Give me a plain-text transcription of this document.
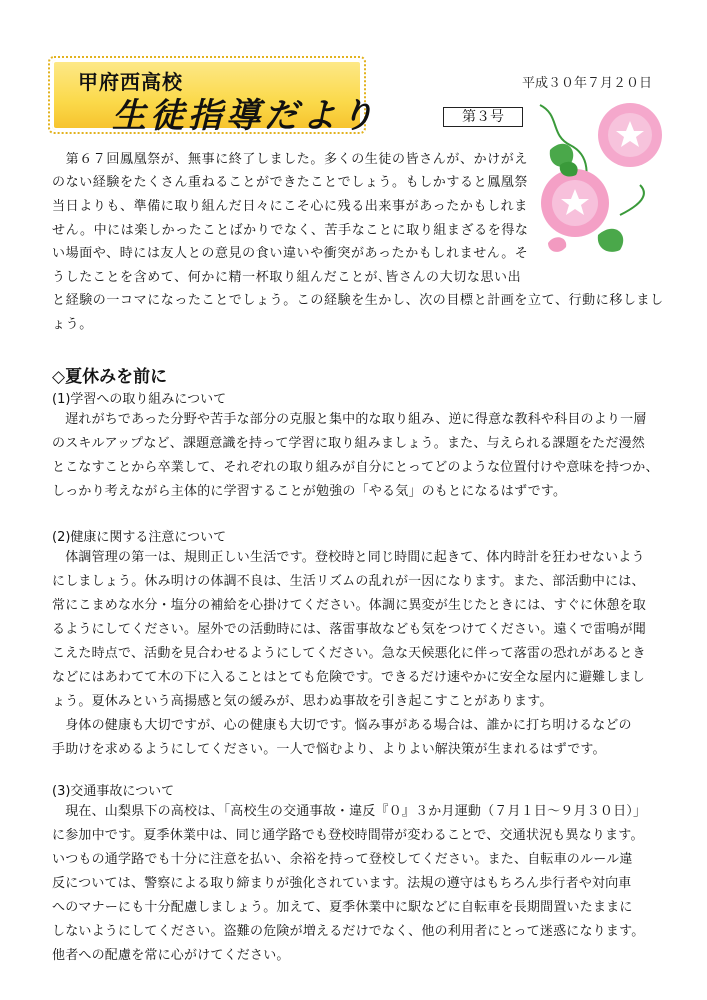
甲府西高校
生徒指導だより
平成３０年７月２０日
第３号
　第６７回鳳凰祭が、無事に終了しました。多くの生徒の皆さんが、かけがえ
のない経験をたくさん重ねることができたことでしょう。もしかすると鳳凰祭
当日よりも、準備に取り組んだ日々にこそ心に残る出来事があったかもしれま
せん。中には楽しかったことばかりでなく、苦手なことに取り組まざるを得な
い場面や、時には友人との意見の食い違いや衝突があったかもしれません。そ
うしたことを含めて、何かに精一杯取り組んだことが､皆さんの大切な思い出
と経験の一コマになったことでしょう。この経験を生かし、次の目標と計画を立て、行動に移しまし
ょう。
◇夏休みを前に
(1)学習への取り組みについて
　遅れがちであった分野や苦手な部分の克服と集中的な取り組み、逆に得意な教科や科目のより一層
のスキルアップなど、課題意識を持って学習に取り組みましょう。また、与えられる課題をただ漫然
とこなすことから卒業して、それぞれの取り組みが自分にとってどのような位置付けや意味を持つか、
しっかり考えながら主体的に学習することが勉強の「やる気」のもとになるはずです。
(2)健康に関する注意について
　体調管理の第一は、規則正しい生活です。登校時と同じ時間に起きて、体内時計を狂わせないよう
にしましょう。休み明けの体調不良は、生活リズムの乱れが一因になります。また、部活動中には、
常にこまめな水分・塩分の補給を心掛けてください。体調に異変が生じたときには、すぐに休憩を取
るようにしてください。屋外での活動時には、落雷事故なども気をつけてください。遠くで雷鳴が聞
こえた時点で、活動を見合わせるようにしてください。急な天候悪化に伴って落雷の恐れがあるとき
などにはあわてて木の下に入ることはとても危険です。できるだけ速やかに安全な屋内に避難しまし
ょう。夏休みという高揚感と気の緩みが、思わぬ事故を引き起こすことがあります。
　身体の健康も大切ですが、心の健康も大切です。悩み事がある場合は、誰かに打ち明けるなどの
手助けを求めるようにしてください。一人で悩むより、よりよい解決策が生まれるはずです。
(3)交通事故について
　現在、山梨県下の高校は、「高校生の交通事故・違反『０』３か月運動（７月１日～９月３０日）」
に参加中です。夏季休業中は、同じ通学路でも登校時間帯が変わることで、交通状況も異なります。
いつもの通学路でも十分に注意を払い、余裕を持って登校してください。また、自転車のルール違
反については、警察による取り締まりが強化されています。法規の遵守はもちろん歩行者や対向車
へのマナーにも十分配慮しましょう。加えて、夏季休業中に駅などに自転車を長期間置いたままに
しないようにしてください。盗難の危険が増えるだけでなく、他の利用者にとって迷惑になります。
他者への配慮を常に心がけてください。
